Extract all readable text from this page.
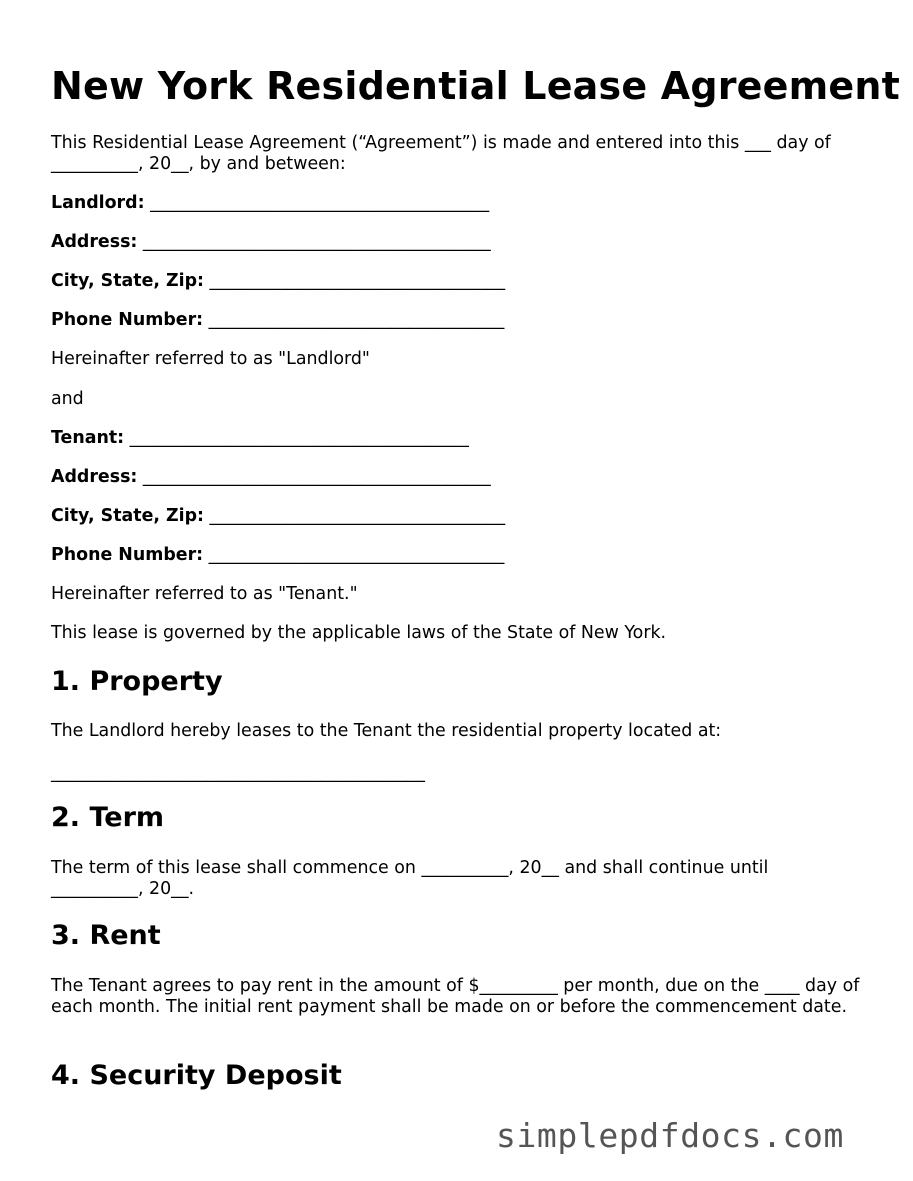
New York Residential Lease Agreement

This Residential Lease Agreement (“Agreement”) is made and entered into this ___ day of __________, 20__, by and between:

Landlord: _______________________________________

Address: ________________________________________

City, State, Zip: __________________________________

Phone Number: __________________________________

Hereinafter referred to as "Landlord"

and

Tenant: _______________________________________

Address: ________________________________________

City, State, Zip: __________________________________

Phone Number: __________________________________

Hereinafter referred to as "Tenant."

This lease is governed by the applicable laws of the State of New York.

1. Property

The Landlord hereby leases to the Tenant the residential property located at:

___________________________________________

2. Term

The term of this lease shall commence on __________, 20__ and shall continue until __________, 20__.

3. Rent

The Tenant agrees to pay rent in the amount of $_________ per month, due on the ____ day of each month. The initial rent payment shall be made on or before the commencement date.

4. Security Deposit
simplepdfdocs.com
